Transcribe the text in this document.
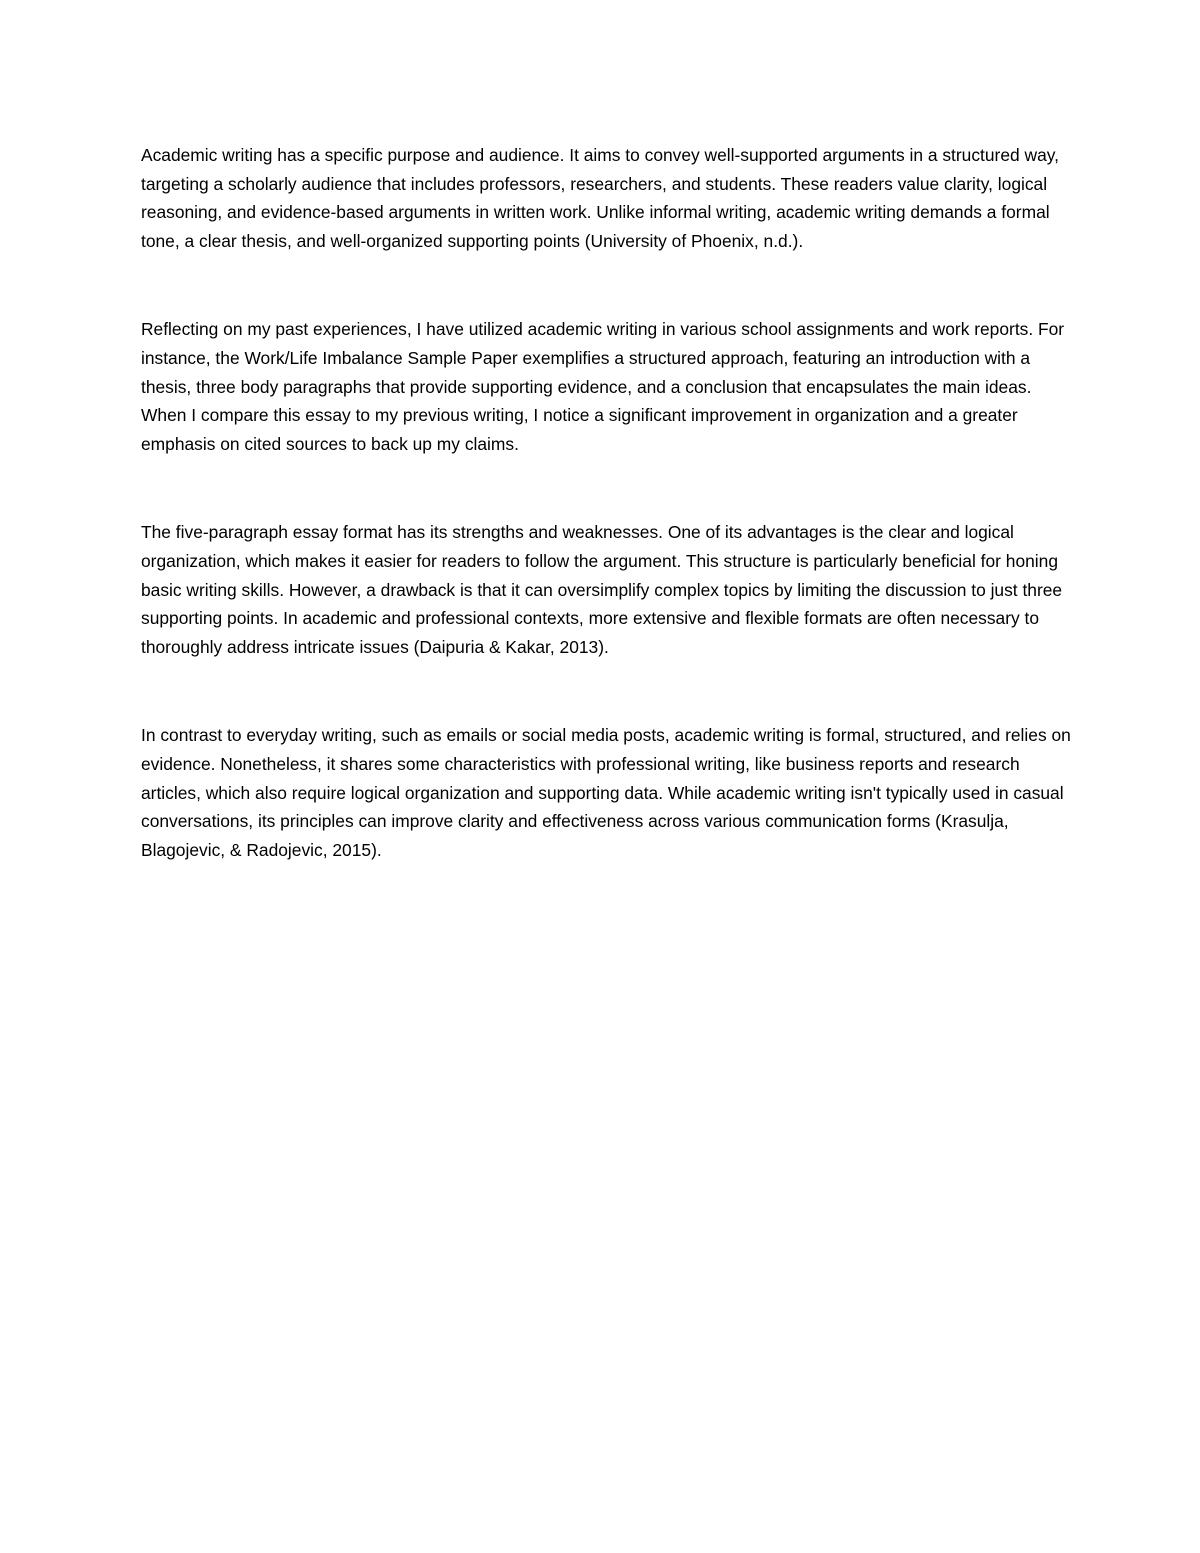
Academic writing has a specific purpose and audience. It aims to convey well-supported arguments in a structured way, targeting a scholarly audience that includes professors, researchers, and students. These readers value clarity, logical reasoning, and evidence-based arguments in written work. Unlike informal writing, academic writing demands a formal tone, a clear thesis, and well-organized supporting points (University of Phoenix, n.d.).

Reflecting on my past experiences, I have utilized academic writing in various school assignments and work reports. For instance, the Work/Life Imbalance Sample Paper exemplifies a structured approach, featuring an introduction with a thesis, three body paragraphs that provide supporting evidence, and a conclusion that encapsulates the main ideas. When I compare this essay to my previous writing, I notice a significant improvement in organization and a greater emphasis on cited sources to back up my claims.

The five-paragraph essay format has its strengths and weaknesses. One of its advantages is the clear and logical organization, which makes it easier for readers to follow the argument. This structure is particularly beneficial for honing basic writing skills. However, a drawback is that it can oversimplify complex topics by limiting the discussion to just three supporting points. In academic and professional contexts, more extensive and flexible formats are often necessary to thoroughly address intricate issues (Daipuria & Kakar, 2013).

In contrast to everyday writing, such as emails or social media posts, academic writing is formal, structured, and relies on evidence. Nonetheless, it shares some characteristics with professional writing, like business reports and research articles, which also require logical organization and supporting data. While academic writing isn't typically used in casual conversations, its principles can improve clarity and effectiveness across various communication forms (Krasulja, Blagojevic, & Radojevic, 2015).
